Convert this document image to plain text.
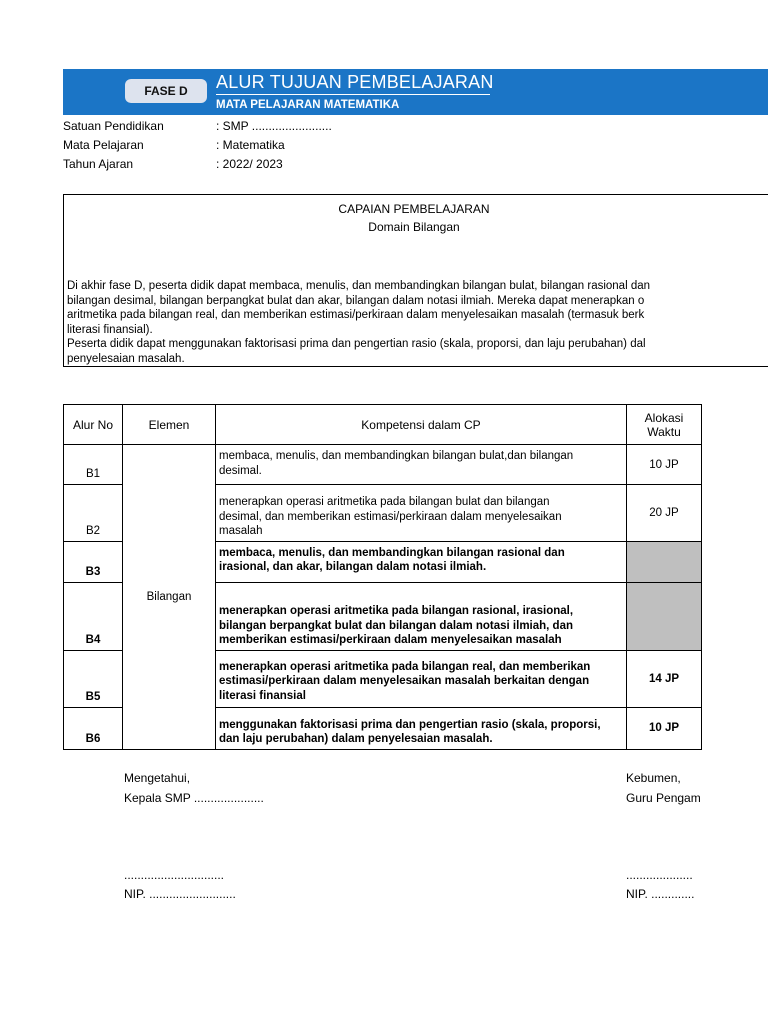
FASE D	ALUR TUJUAN PEMBELAJARAN
MATA PELAJARAN MATEMATIKA
Satuan Pendidikan	: SMP ........................
Mata Pelajaran	: Matematika
Tahun Ajaran	: 2022/ 2023
CAPAIAN PEMBELAJARAN
Domain Bilangan
Di akhir fase D, peserta didik dapat membaca, menulis, dan membandingkan bilangan bulat, bilangan rasional dan
bilangan desimal, bilangan berpangkat bulat dan akar, bilangan dalam notasi ilmiah. Mereka dapat menerapkan o
aritmetika pada bilangan real, dan memberikan estimasi/perkiraan dalam menyelesaikan masalah (termasuk berk
literasi finansial).
Peserta didik dapat menggunakan faktorisasi prima dan pengertian rasio (skala, proporsi, dan laju perubahan) dal
penyelesaian masalah.
Alur No	Elemen	Kompetensi dalam CP	Alokasi
Waktu

B1	Bilangan	membaca, menulis, dan membandingkan bilangan bulat,dan bilangan
desimal.	10 JP
B2		menerapkan operasi aritmetika pada bilangan bulat dan bilangan
desimal, dan memberikan estimasi/perkiraan dalam menyelesaikan
masalah	20 JP
B3		membaca, menulis, dan membandingkan bilangan rasional dan
irasional, dan akar, bilangan dalam notasi ilmiah.	

B4		menerapkan operasi aritmetika pada bilangan rasional, irasional,
bilangan berpangkat bulat dan bilangan dalam notasi ilmiah, dan
memberikan estimasi/perkiraan dalam menyelesaikan masalah	

B5		menerapkan operasi aritmetika pada bilangan real, dan memberikan
estimasi/perkiraan dalam menyelesaikan masalah berkaitan dengan
literasi finansial	14 JP
B6		menggunakan faktorisasi prima dan pengertian rasio (skala, proporsi,
dan laju perubahan) dalam penyelesaian masalah.	10 JP
Mengetahui,
Kepala SMP .....................
..............................
NIP. ..........................
Kebumen,
Guru Pengam
....................
NIP. .............
